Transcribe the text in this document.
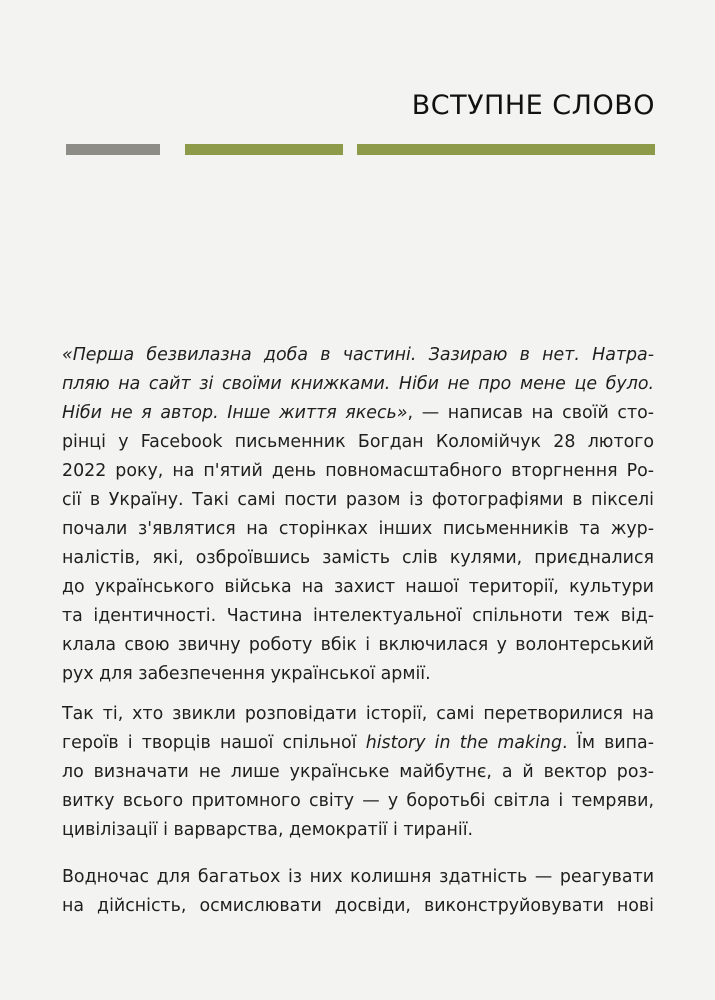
ВСТУПНЕ СЛОВО
«Перша безвилазна доба в частині. Зазираю в нет. Натра-
пляю на сайт зі своїми книжками. Ніби не про мене це було.
Ніби не я автор. Інше життя якесь», — написав на своїй сто-
рінці у Facebook письменник Богдан Коломійчук 28 лютого
2022 року, на п'ятий день повномасштабного вторгнення Ро-
сії в Україну. Такі самі пости разом із фотографіями в пікселі
почали з'являтися на сторінках інших письменників та жур-
налістів, які, озброївшись замість слів кулями, приєдналися
до українського війська на захист нашої території, культури
та ідентичності. Частина інтелектуальної спільноти теж від-
клала свою звичну роботу вбік і включилася у волонтерський
рух для забезпечення української армії.
Так ті, хто звикли розповідати історії, самі перетворилися на
героїв і творців нашої спільної history in the making. Їм випа-
ло визначати не лише українське майбутнє, а й вектор роз-
витку всього притомного світу — у боротьбі світла і темряви,
цивілізації і варварства, демократії і тиранії.
Водночас для багатьох із них колишня здатність — реагувати
на дійсність, осмислювати досвіди, виконструйовувати нові
